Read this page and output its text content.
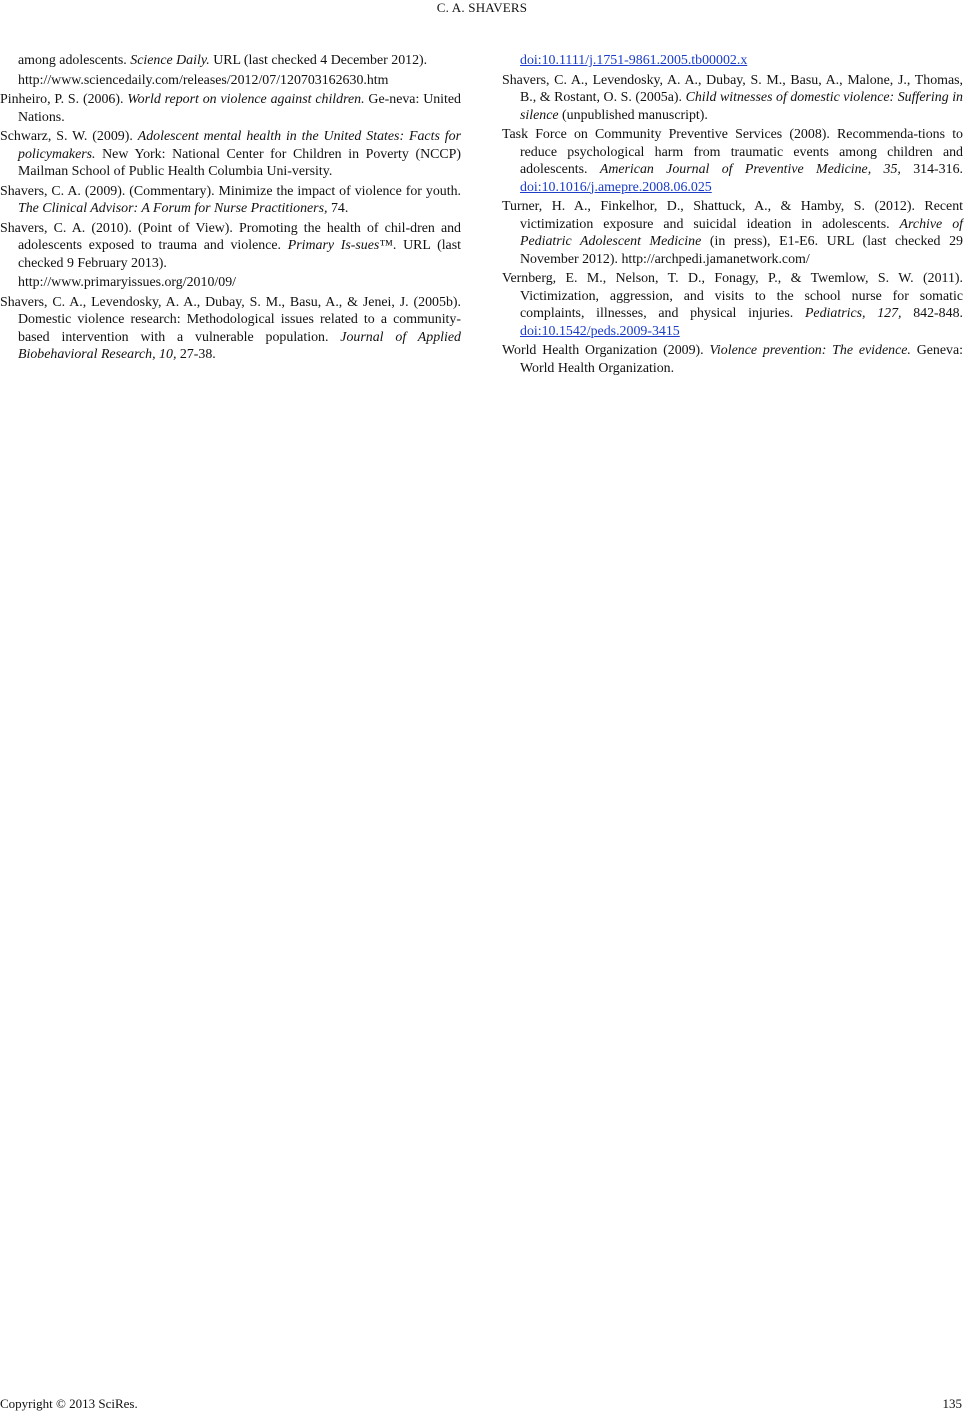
C. A. SHAVERS

among adolescents. Science Daily. URL (last checked 4 December 2012).

http://www.sciencedaily.com/releases/2012/07/120703162630.htm

Pinheiro, P. S. (2006). World report on violence against children. Ge-neva: United Nations.

Schwarz, S. W. (2009). Adolescent mental health in the United States: Facts for policymakers. New York: National Center for Children in Poverty (NCCP) Mailman School of Public Health Columbia Uni-versity.

Shavers, C. A. (2009). (Commentary). Minimize the impact of violence for youth. The Clinical Advisor: A Forum for Nurse Practitioners, 74.

Shavers, C. A. (2010). (Point of View). Promoting the health of chil-dren and adolescents exposed to trauma and violence. Primary Is-sues™. URL (last checked 9 February 2013).

http://www.primaryissues.org/2010/09/

Shavers, C. A., Levendosky, A. A., Dubay, S. M., Basu, A., & Jenei, J. (2005b). Domestic violence research: Methodological issues related to a community-based intervention with a vulnerable population. Journal of Applied Biobehavioral Research, 10, 27-38.

doi:10.1111/j.1751-9861.2005.tb00002.x

Shavers, C. A., Levendosky, A. A., Dubay, S. M., Basu, A., Malone, J., Thomas, B., & Rostant, O. S. (2005a). Child witnesses of domestic violence: Suffering in silence (unpublished manuscript).

Task Force on Community Preventive Services (2008). Recommenda-tions to reduce psychological harm from traumatic events among children and adolescents. American Journal of Preventive Medicine, 35, 314-316. doi:10.1016/j.amepre.2008.06.025

Turner, H. A., Finkelhor, D., Shattuck, A., & Hamby, S. (2012). Recent victimization exposure and suicidal ideation in adolescents. Archive of Pediatric Adolescent Medicine (in press), E1-E6. URL (last checked 29 November 2012). http://archpedi.jamanetwork.com/

Vernberg, E. M., Nelson, T. D., Fonagy, P., & Twemlow, S. W. (2011). Victimization, aggression, and visits to the school nurse for somatic complaints, illnesses, and physical injuries. Pediatrics, 127, 842-848. doi:10.1542/peds.2009-3415

World Health Organization (2009). Violence prevention: The evidence. Geneva: World Health Organization.

Copyright © 2013 SciRes.	135
